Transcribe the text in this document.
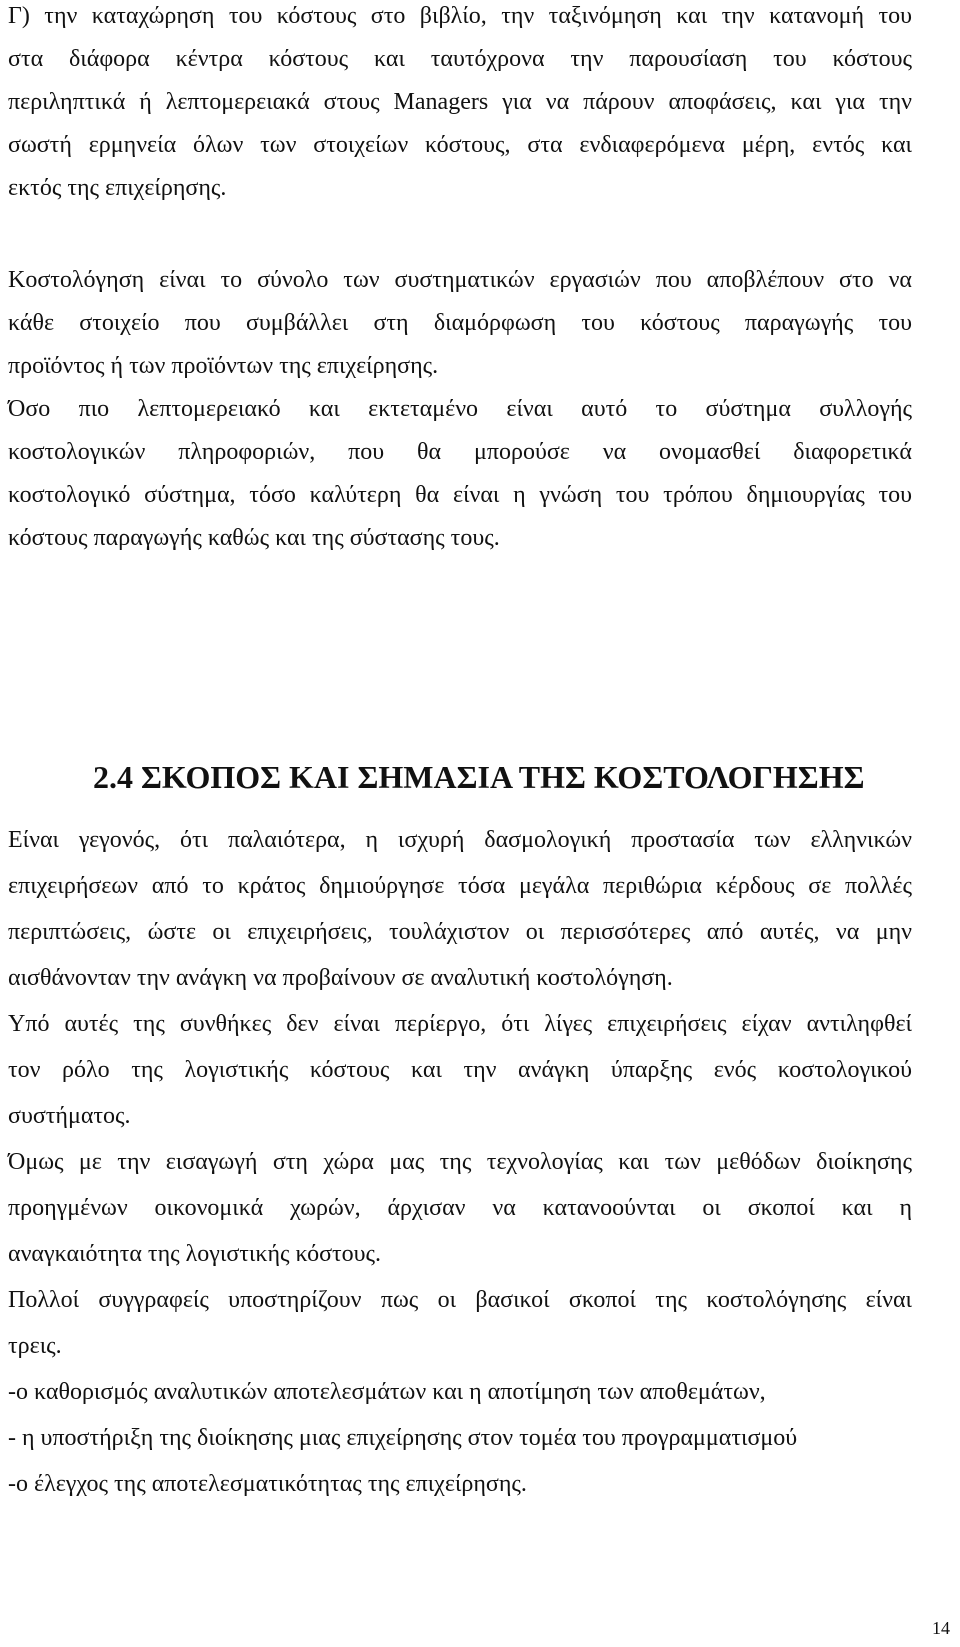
Γ) την καταχώρηση του κόστους στο βιβλίο, την ταξινόμηση και την κατανομή του
στα διάφορα κέντρα κόστους και ταυτόχρονα την παρουσίαση του κόστους
περιληπτικά ή λεπτομερειακά στους Managers για να πάρουν αποφάσεις, και για την
σωστή ερμηνεία όλων των στοιχείων κόστους, στα ενδιαφερόμενα μέρη, εντός και
εκτός της επιχείρησης.
Κοστολόγηση είναι το σύνολο των συστηματικών εργασιών που αποβλέπουν στο να
κάθε στοιχείο που συμβάλλει στη διαμόρφωση του κόστους παραγωγής του
προϊόντος ή των προϊόντων της επιχείρησης.
Όσο πιο λεπτομερειακό και εκτεταμένο είναι αυτό το σύστημα συλλογής
κοστολογικών πληροφοριών, που θα μπορούσε να ονομασθεί διαφορετικά
κοστολογικό σύστημα, τόσο καλύτερη θα είναι η γνώση του τρόπου δημιουργίας του
κόστους παραγωγής καθώς και της σύστασης τους.
2.4 ΣΚΟΠΟΣ ΚΑΙ ΣΗΜΑΣΙΑ ΤΗΣ ΚΟΣΤΟΛΟΓΗΣΗΣ
Είναι γεγονός, ότι παλαιότερα, η ισχυρή δασμολογική προστασία των ελληνικών
επιχειρήσεων από το κράτος δημιούργησε τόσα μεγάλα περιθώρια κέρδους σε πολλές
περιπτώσεις, ώστε οι επιχειρήσεις, τουλάχιστον οι περισσότερες από αυτές, να μην
αισθάνονταν την ανάγκη να προβαίνουν σε αναλυτική κοστολόγηση.
Υπό αυτές της συνθήκες δεν είναι περίεργο, ότι λίγες επιχειρήσεις είχαν αντιληφθεί
τον ρόλο της λογιστικής κόστους και την ανάγκη ύπαρξης ενός κοστολογικού
συστήματος.
Όμως με την εισαγωγή στη χώρα μας της τεχνολογίας και των μεθόδων διοίκησης
προηγμένων οικονομικά χωρών, άρχισαν να κατανοούνται οι σκοποί και η
αναγκαιότητα της λογιστικής κόστους.
Πολλοί συγγραφείς υποστηρίζουν πως οι βασικοί σκοποί της κοστολόγησης είναι
τρεις.
-ο καθορισμός αναλυτικών αποτελεσμάτων και η αποτίμηση των αποθεμάτων,
- η υποστήριξη της διοίκησης μιας επιχείρησης στον τομέα του προγραμματισμού
-ο έλεγχος της αποτελεσματικότητας της επιχείρησης.
14
